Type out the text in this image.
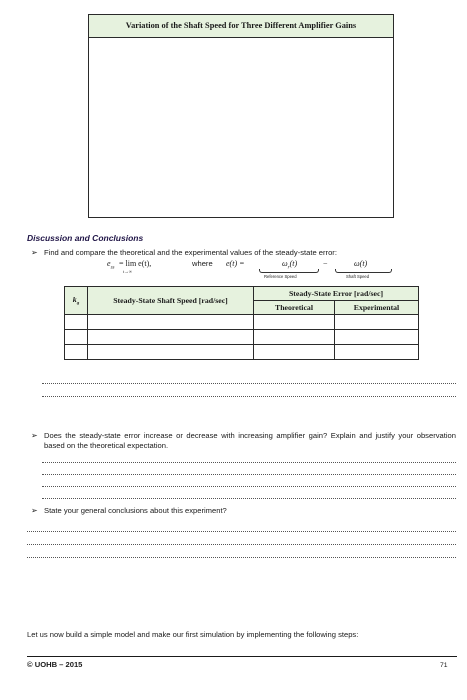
Variation of the Shaft Speed for Three Different Amplifier Gains
Discussion and Conclusions
➢ Find and compare the theoretical and the experimental values of the steady-state error:
$e_{ss}$
= lim e(t),
t→∞
where e(t) =	$\omega_r(t)$
Reference Speed
−	ω(t)
Shaft Speed
$k_a$	Steady-State Shaft Speed [rad/sec]	Steady-State Error [rad/sec]	
		Theoretical	Experimental

➢ Does the steady-state error increase or decrease with increasing amplifier gain? Explain and justify your observation based on the theoretical expectation.
➢ State your general conclusions about this experiment?
Let us now build a simple model and make our first simulation by implementing the following steps:
© UOHB – 2015	71
